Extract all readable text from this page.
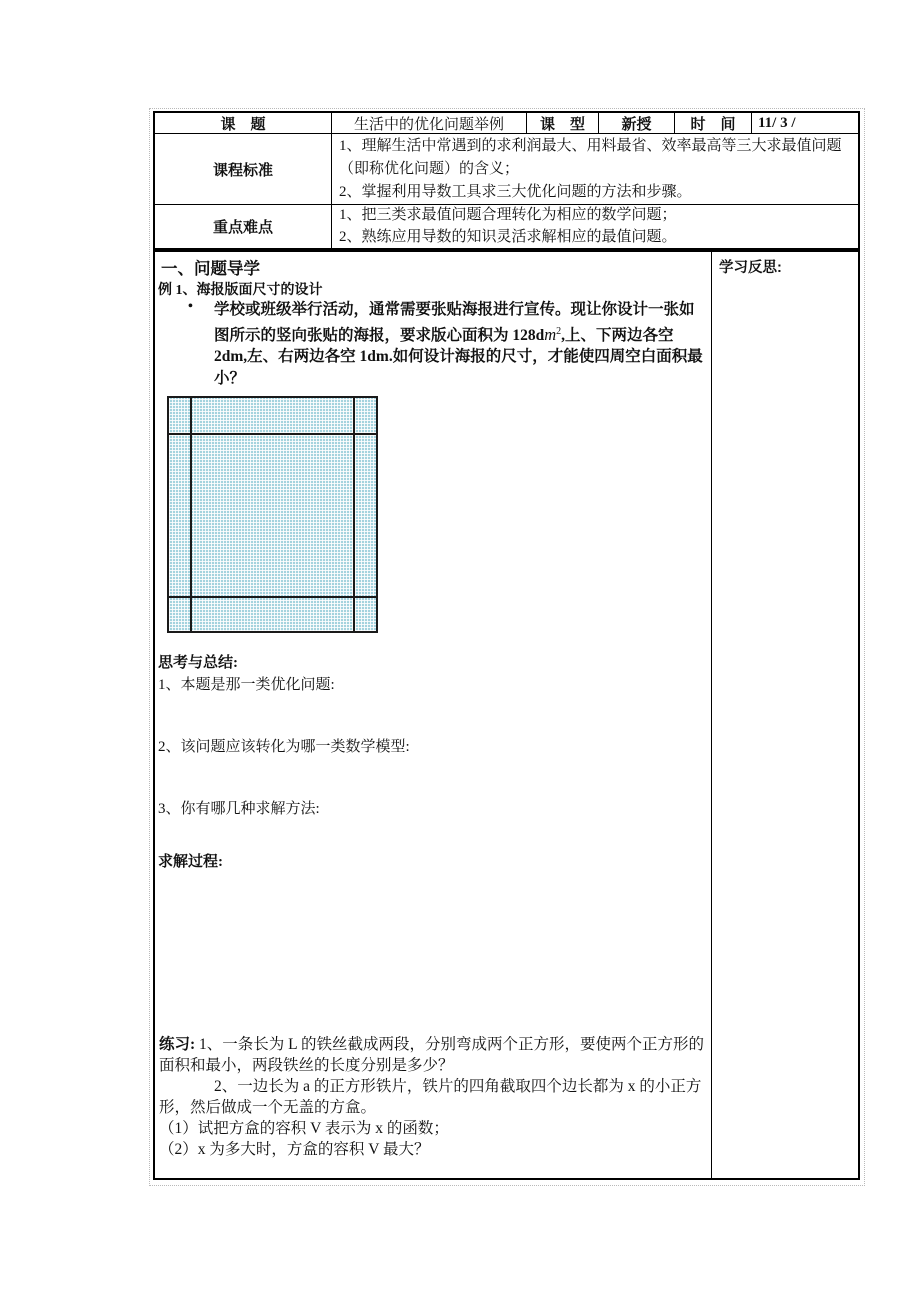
课　题	生活中的优化问题举例	课　型	新授	时　间	11/ 3 /
课程标准
1、理解生活中常遇到的求利润最大、用料最省、效率最高等三大求最值问题（即称优化问题）的含义；
2、掌握利用导数工具求三大优化问题的方法和步骤。
重点难点
1、把三类求最值问题合理转化为相应的数学问题；
2、熟练应用导数的知识灵活求解相应的最值问题。
一、问题导学
例 1、海报版面尺寸的设计
• 学校或班级举行活动，通常需要张贴海报进行宣传。现让你设计一张如图所示的竖向张贴的海报，要求版心面积为 $128dm^2$,上、下两边各空 2dm,左、右两边各空 1dm.如何设计海报的尺寸，才能使四周空白面积最小？
思考与总结:
1、本题是那一类优化问题:
2、该问题应该转化为哪一类数学模型:
3、你有哪几种求解方法:
求解过程:

练习: 1、一条长为 L 的铁丝截成两段，分别弯成两个正方形，要使两个正方形的面积和最小，两段铁丝的长度分别是多少？

2、一边长为 a 的正方形铁片，铁片的四角截取四个边长都为 x 的小正方形，然后做成一个无盖的方盒。

（1）试把方盒的容积 V 表示为 x 的函数；

（2）x 为多大时，方盒的容积 V 最大？

学习反思:
